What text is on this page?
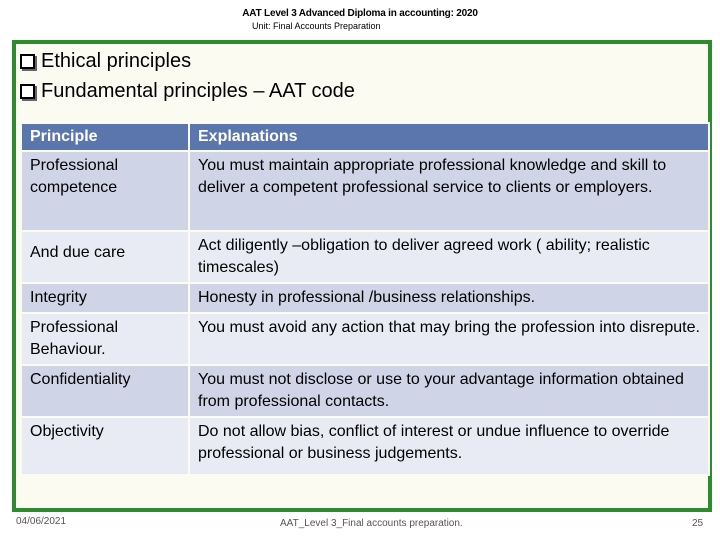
AAT Level 3 Advanced Diploma in accounting: 2020
Unit: Final Accounts Preparation
Ethical principles
Fundamental principles – AAT code
Principle	Explanations
Professional competence	You must maintain appropriate professional knowledge and skill to deliver a competent professional service to clients or employers.
And due care	Act diligently –obligation to deliver agreed work ( ability; realistic timescales)
Integrity	Honesty in professional /business relationships.
Professional Behaviour.	You must avoid any action that may bring the profession into disrepute.
Confidentiality	You must not disclose or use to your advantage information obtained from professional contacts.
Objectivity	Do not allow bias, conflict of interest or undue influence to override professional or business judgements.
04/06/2021	AAT_Level 3_Final accounts preparation.	25
